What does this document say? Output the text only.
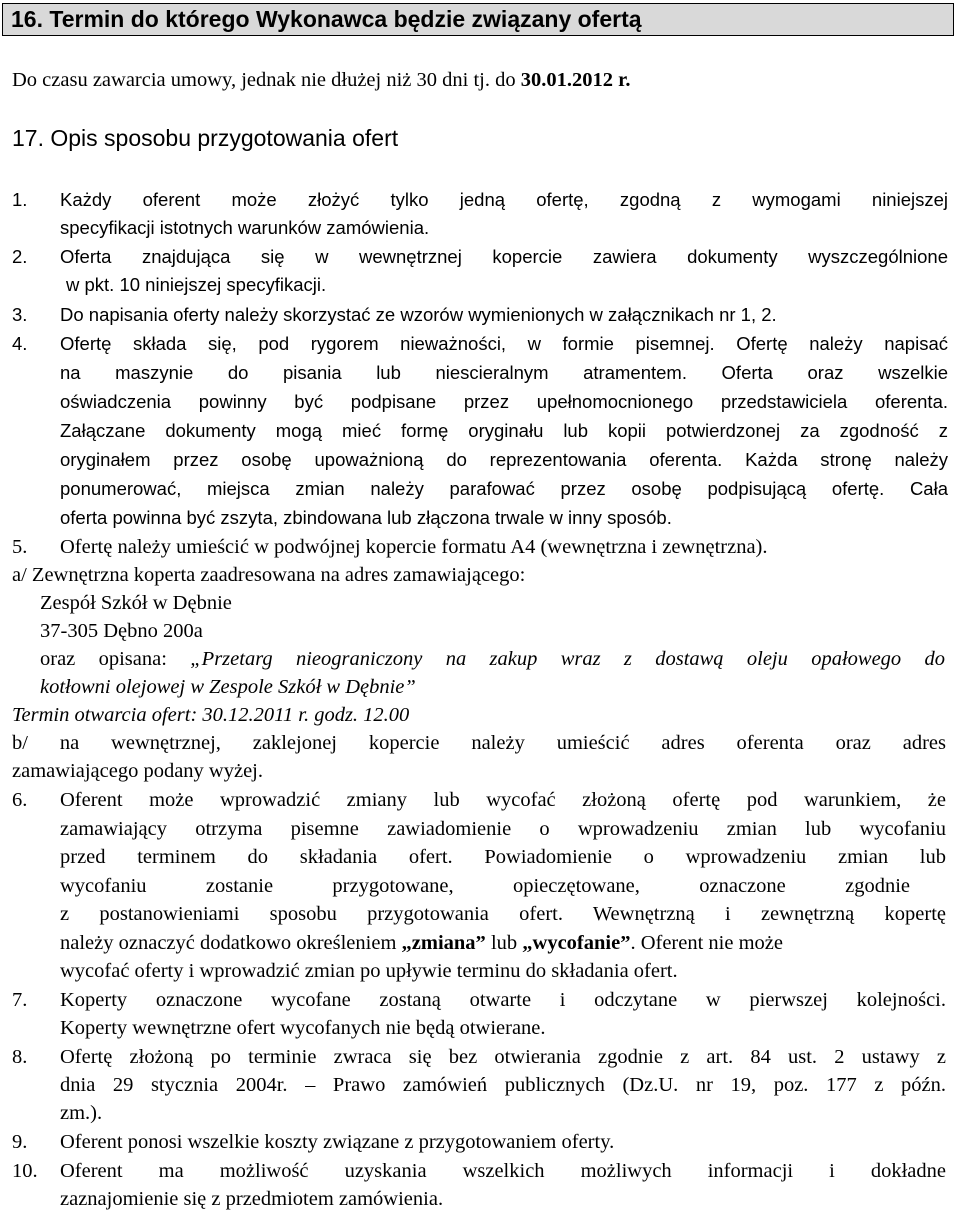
16. Termin do którego Wykonawca będzie związany ofertą
Do czasu zawarcia umowy, jednak nie dłużej niż 30 dni tj. do 30.01.2012 r.
17. Opis sposobu przygotowania ofert
1. Każdy oferent może złożyć tylko jedną ofertę, zgodną z wymogami niniejszej
specyfikacji istotnych warunków zamówienia.
2. Oferta znajdująca się w wewnętrznej kopercie zawiera dokumenty wyszczególnione
w pkt. 10 niniejszej specyfikacji.
3. Do napisania oferty należy skorzystać ze wzorów wymienionych w załącznikach nr 1, 2.
4. Ofertę składa się, pod rygorem nieważności, w formie pisemnej. Ofertę należy napisać
na maszynie do pisania lub niescieralnym atramentem. Oferta oraz wszelkie
oświadczenia powinny być podpisane przez upełnomocnionego przedstawiciela oferenta.
Załączane dokumenty mogą mieć formę oryginału lub kopii potwierdzonej za zgodność z
oryginałem przez osobę upoważnioną do reprezentowania oferenta. Każda stronę należy
ponumerować, miejsca zmian należy parafować przez osobę podpisującą ofertę. Cała
oferta powinna być zszyta, zbindowana lub złączona trwale w inny sposób.
5. Ofertę należy umieścić w podwójnej kopercie formatu A4 (wewnętrzna i zewnętrzna).
a/ Zewnętrzna koperta zaadresowana na adres zamawiającego:
Zespół Szkół w Dębnie
37-305 Dębno 200a
oraz opisana: „Przetarg nieograniczony na zakup wraz z dostawą oleju opałowego do
kotłowni olejowej w Zespole Szkół w Dębnie”
Termin otwarcia ofert: 30.12.2011 r. godz. 12.00
b/ na wewnętrznej, zaklejonej kopercie należy umieścić adres oferenta oraz adres
zamawiającego podany wyżej.
6. Oferent może wprowadzić zmiany lub wycofać złożoną ofertę pod warunkiem, że
zamawiający otrzyma pisemne zawiadomienie o wprowadzeniu zmian lub wycofaniu
przed terminem do składania ofert. Powiadomienie o wprowadzeniu zmian lub
wycofaniu zostanie przygotowane, opieczętowane, oznaczone zgodnie
z postanowieniami sposobu przygotowania ofert. Wewnętrzną i zewnętrzną kopertę
należy oznaczyć dodatkowo określeniem „zmiana” lub „wycofanie”. Oferent nie może
wycofać oferty i wprowadzić zmian po upływie terminu do składania ofert.
7. Koperty oznaczone wycofane zostaną otwarte i odczytane w pierwszej kolejności.
Koperty wewnętrzne ofert wycofanych nie będą otwierane.
8. Ofertę złożoną po terminie zwraca się bez otwierania zgodnie z art. 84 ust. 2 ustawy z
dnia 29 stycznia 2004r. – Prawo zamówień publicznych (Dz.U. nr 19, poz. 177 z późn.
zm.).
9. Oferent ponosi wszelkie koszty związane z przygotowaniem oferty.
10. Oferent ma możliwość uzyskania wszelkich możliwych informacji i dokładne
zaznajomienie się z przedmiotem zamówienia.
